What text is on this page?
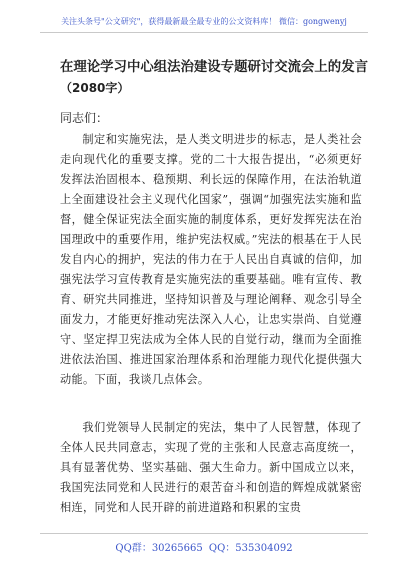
关注头条号"公文研究"，获得最新最全最专业的公文资料库！ 微信：gongwenyj
在理论学习中心组法治建设专题研讨交流会上的发言
（2080字）
同志们：
制定和实施宪法，是人类文明进步的标志，是人类社会走向现代化的重要支撑。党的二十大报告提出，“必须更好发挥法治固根本、稳预期、利长远的保障作用，在法治轨道上全面建设社会主义现代化国家”，强调“加强宪法实施和监督，健全保证宪法全面实施的制度体系，更好发挥宪法在治国理政中的重要作用，维护宪法权威。”宪法的根基在于人民发自内心的拥护，宪法的伟力在于人民出自真诚的信仰，加强宪法学习宣传教育是实施宪法的重要基础。唯有宣传、教育、研究共同推进，坚持知识普及与理论阐释、观念引导全面发力，才能更好推动宪法深入人心，让忠实崇尚、自觉遵守、坚定捍卫宪法成为全体人民的自觉行动，继而为全面推进依法治国、推进国家治理体系和治理能力现代化提供强大动能。下面，我谈几点体会。
我们党领导人民制定的宪法，集中了人民智慧，体现了全体人民共同意志，实现了党的主张和人民意志高度统一，具有显著优势、坚实基础、强大生命力。新中国成立以来，我国宪法同党和人民进行的艰苦奋斗和创造的辉煌成就紧密相连，同党和人民开辟的前进道路和积累的宝贵
QQ群：30265665 QQ：535304092
